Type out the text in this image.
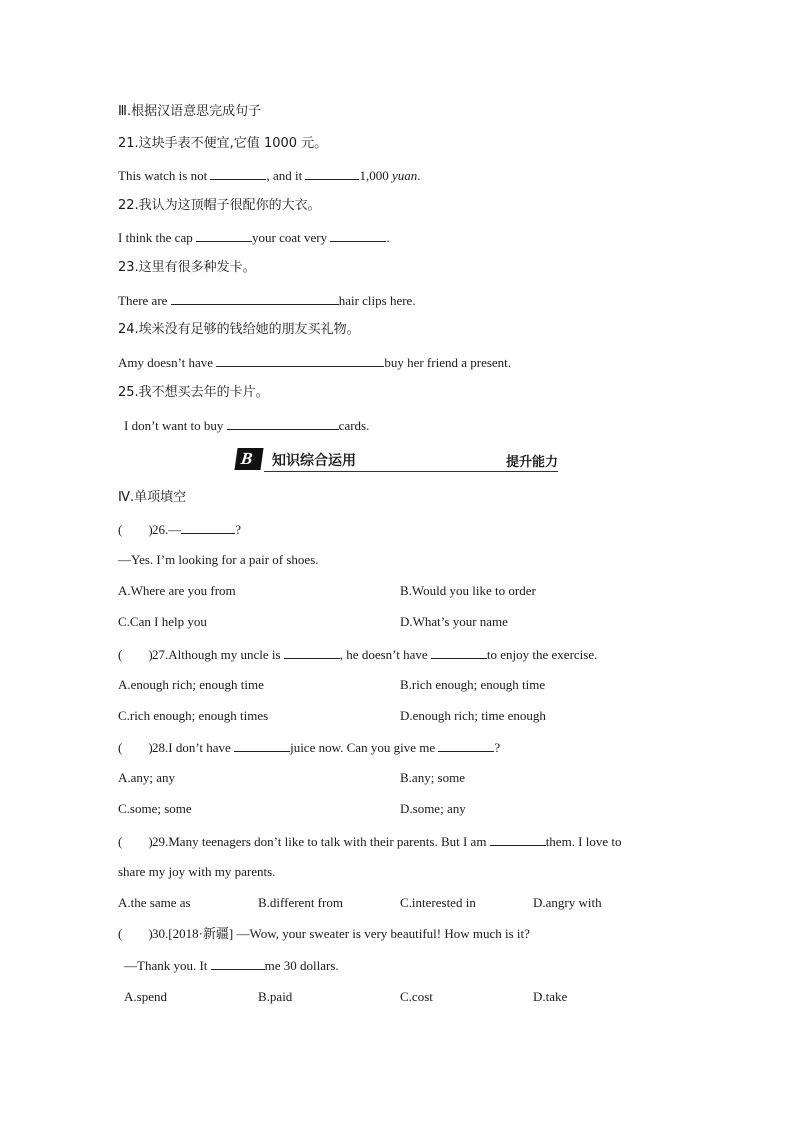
Ⅲ.根据汉语意思完成句子
21.这块手表不便宜,它值 1000 元。
This watch is not	, and it	1,000 yuan.
22.我认为这顶帽子很配你的大衣。
I think the cap	your coat very	.
23.这里有很多种发卡。
There are	hair clips here.
24.埃米没有足够的钱给她的朋友买礼物。
Amy doesn’t have	buy her friend a present.
25.我不想买去年的卡片。
I don’t want to buy	cards.
B 知识综合运用	提升能力
Ⅳ.单项填空
(　　)26.—	?
—Yes. I’m looking for a pair of shoes.
A.Where are you from	B.Would you like to order
C.Can I help you	D.What’s your name
(　　)27.Although my uncle is	, he doesn’t have	to enjoy the exercise.
A.enough rich; enough time	B.rich enough; enough time
C.rich enough; enough times	D.enough rich; time enough
(　　)28.I don’t have	juice now. Can you give me	?
A.any; any	B.any; some
C.some; some	D.some; any
(　　)29.Many teenagers don’t like to talk with their parents. But I am	them. I love to
share my joy with my parents.
A.the same as	B.different from	C.interested in	D.angry with
(　　)30.[2018·新疆] —Wow, your sweater is very beautiful! How much is it?
—Thank you. It	me 30 dollars.
A.spend	B.paid	C.cost	D.take
